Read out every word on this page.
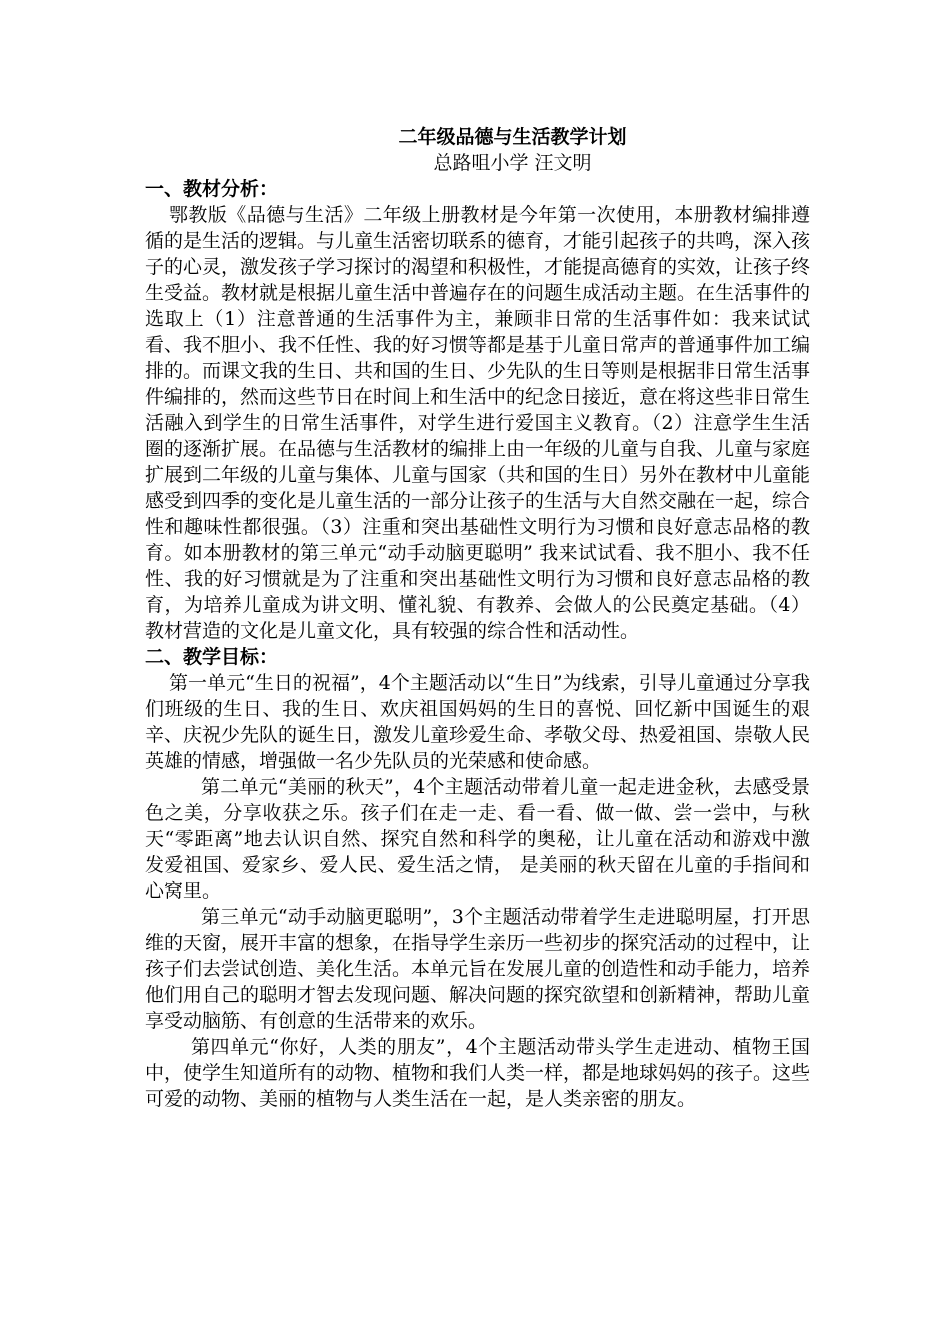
二年级品德与生活教学计划

总路咀小学 汪文明

一、教材分析：

鄂教版《品德与生活》二年级上册教材是今年第一次使用，本册教材编排遵循的是生活的逻辑。与儿童生活密切联系的德育，才能引起孩子的共鸣，深入孩子的心灵，激发孩子学习探讨的渴望和积极性，才能提高德育的实效，让孩子终生受益。教材就是根据儿童生活中普遍存在的问题生成活动主题。在生活事件的选取上（1）注意普通的生活事件为主，兼顾非日常的生活事件如：我来试试看、我不胆小、我不任性、我的好习惯等都是基于儿童日常声的普通事件加工编排的。而课文我的生日、共和国的生日、少先队的生日等则是根据非日常生活事件编排的，然而这些节日在时间上和生活中的纪念日接近，意在将这些非日常生活融入到学生的日常生活事件，对学生进行爱国主义教育。（2）注意学生生活圈的逐渐扩展。在品德与生活教材的编排上由一年级的儿童与自我、儿童与家庭扩展到二年级的儿童与集体、儿童与国家（共和国的生日）另外在教材中儿童能感受到四季的变化是儿童生活的一部分让孩子的生活与大自然交融在一起，综合性和趣味性都很强。（3）注重和突出基础性文明行为习惯和良好意志品格的教育。如本册教材的第三单元“动手动脑更聪明” 我来试试看、我不胆小、我不任性、我的好习惯就是为了注重和突出基础性文明行为习惯和良好意志品格的教育，为培养儿童成为讲文明、懂礼貌、有教养、会做人的公民奠定基础。（4）教材营造的文化是儿童文化，具有较强的综合性和活动性。

二、教学目标：

第一单元“生日的祝福”，4个主题活动以“生日”为线索，引导儿童通过分享我们班级的生日、我的生日、欢庆祖国妈妈的生日的喜悦、回忆新中国诞生的艰辛、庆祝少先队的诞生日，激发儿童珍爱生命、孝敬父母、热爱祖国、崇敬人民英雄的情感，增强做一名少先队员的光荣感和使命感。

第二单元“美丽的秋天”，4个主题活动带着儿童一起走进金秋，去感受景色之美，分享收获之乐。孩子们在走一走、看一看、做一做、尝一尝中，与秋天“零距离”地去认识自然、探究自然和科学的奥秘，让儿童在活动和游戏中激发爱祖国、爱家乡、爱人民、爱生活之情， 是美丽的秋天留在儿童的手指间和心窝里。

第三单元“动手动脑更聪明”，3个主题活动带着学生走进聪明屋，打开思维的天窗，展开丰富的想象，在指导学生亲历一些初步的探究活动的过程中，让孩子们去尝试创造、美化生活。本单元旨在发展儿童的创造性和动手能力，培养他们用自己的聪明才智去发现问题、解决问题的探究欲望和创新精神，帮助儿童享受动脑筋、有创意的生活带来的欢乐。

第四单元“你好，人类的朋友”，4个主题活动带头学生走进动、植物王国中，使学生知道所有的动物、植物和我们人类一样，都是地球妈妈的孩子。这些可爱的动物、美丽的植物与人类生活在一起，是人类亲密的朋友。
